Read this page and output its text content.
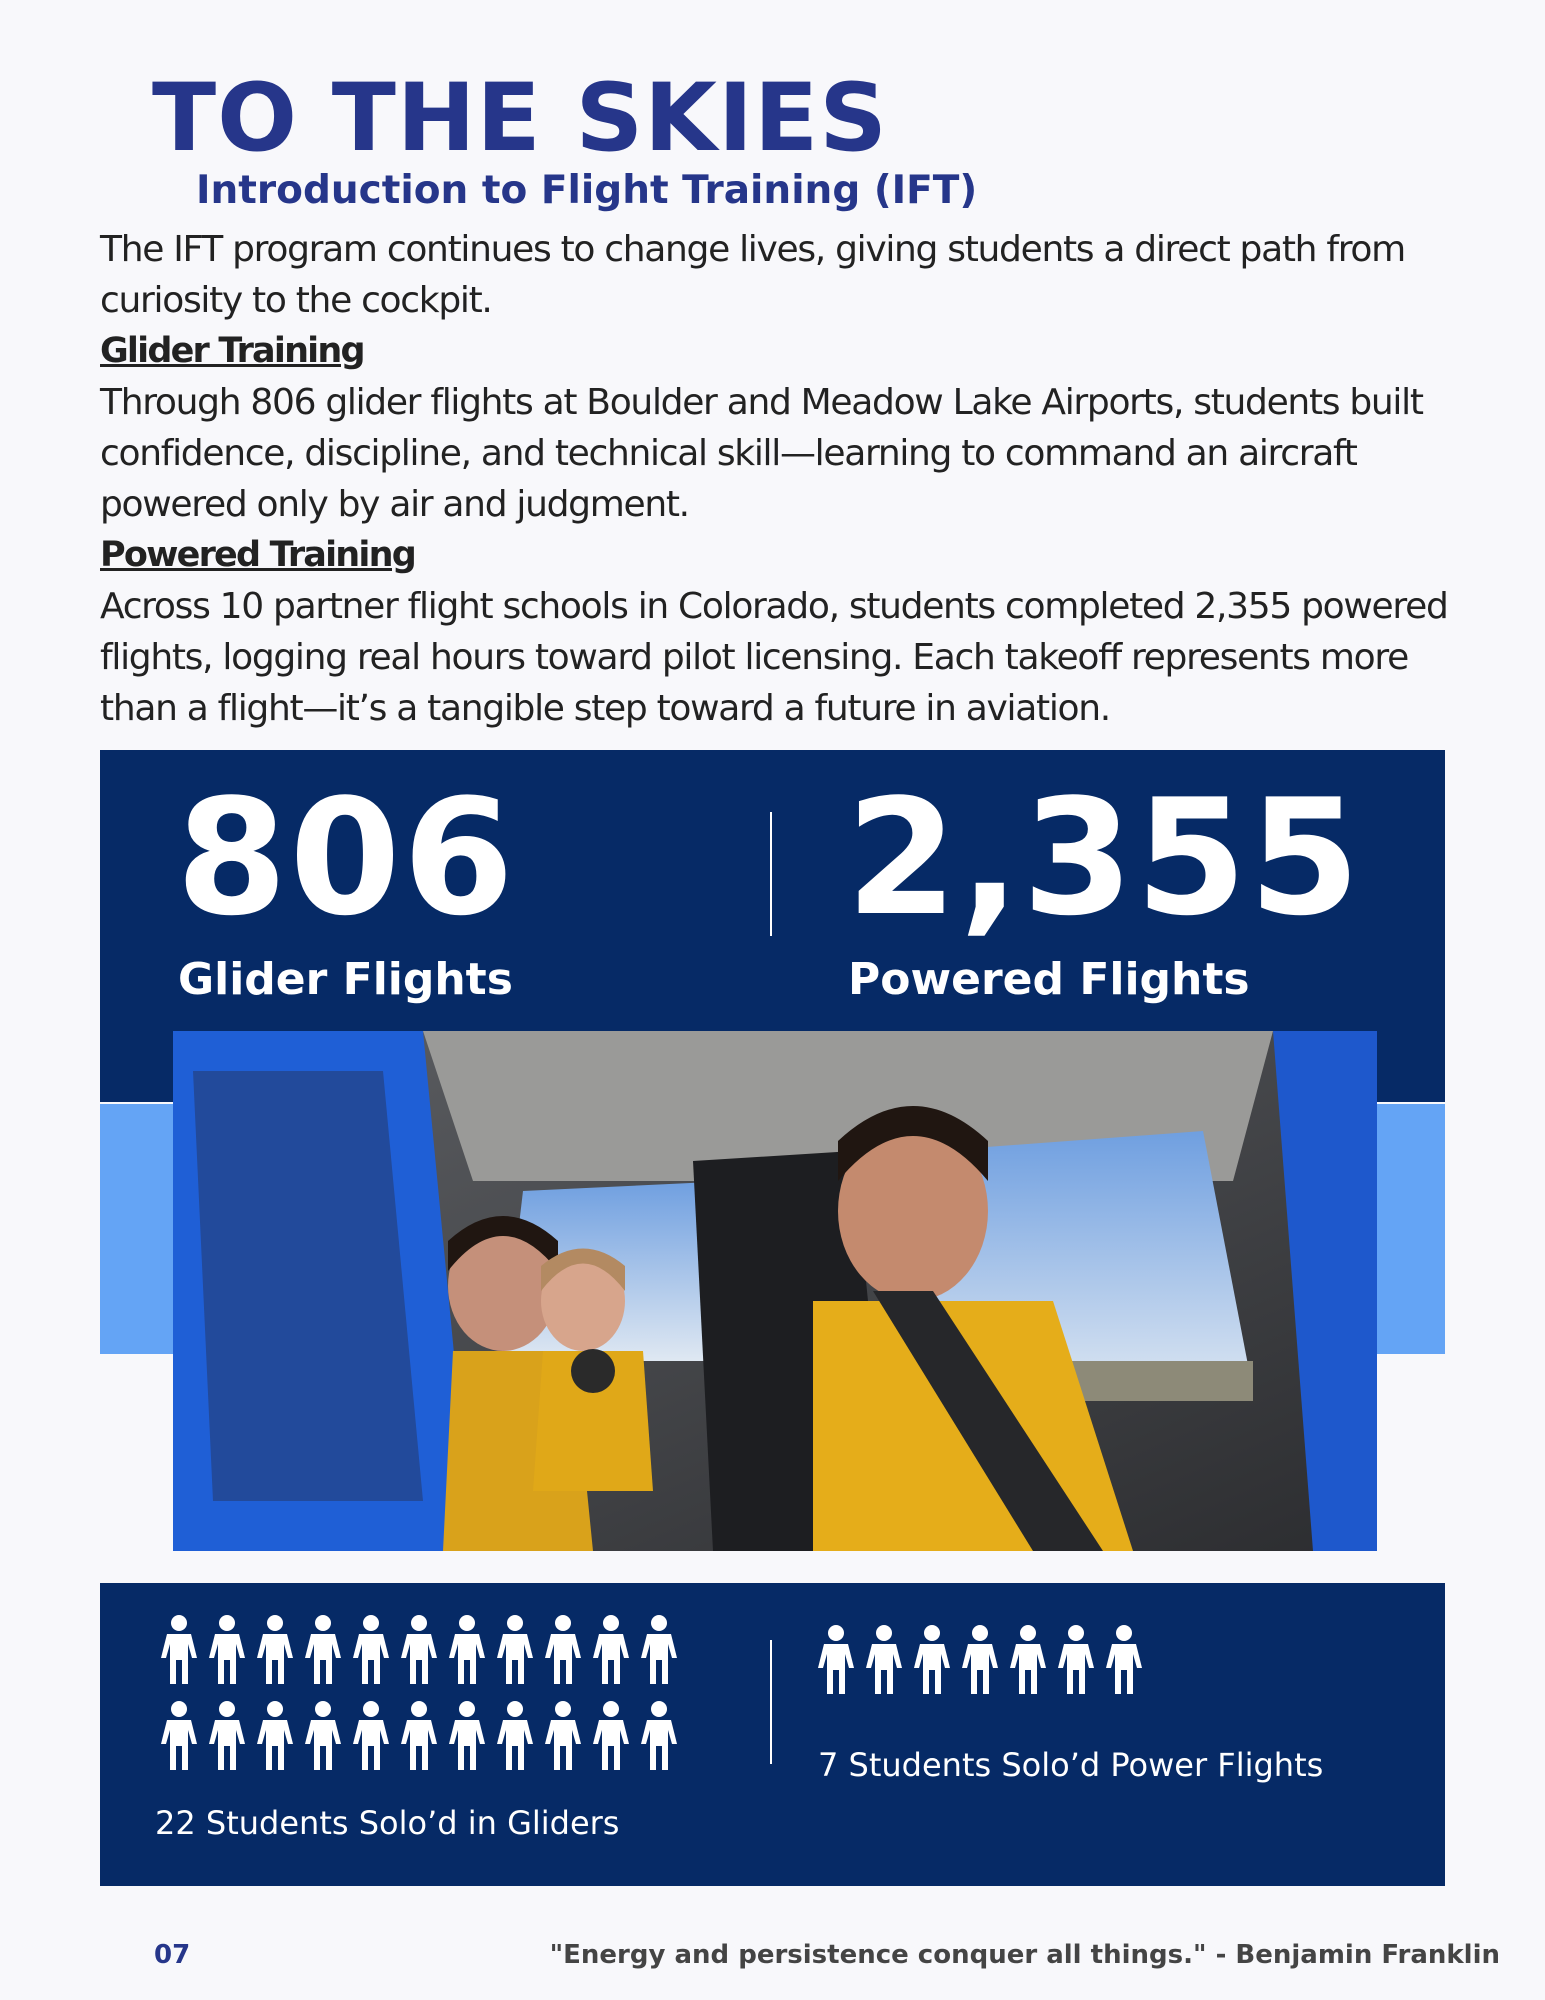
TO THE SKIES
Introduction to Flight Training (IFT)

The IFT program continues to change lives, giving students a direct path from curiosity to the cockpit.

Glider Training

Through 806 glider flights at Boulder and Meadow Lake Airports, students built confidence, discipline, and technical skill—learning to command an aircraft powered only by air and judgment.

Powered Training

Across 10 partner flight schools in Colorado, students completed 2,355 powered flights, logging real hours toward pilot licensing. Each takeoff represents more than a flight—it’s a tangible step toward a future in aviation.

806
Glider Flights
2,355
Powered Flights
22 Students Solo’d in Gliders
7 Students Solo’d Power Flights
07	"Energy and persistence conquer all things." - Benjamin Franklin
